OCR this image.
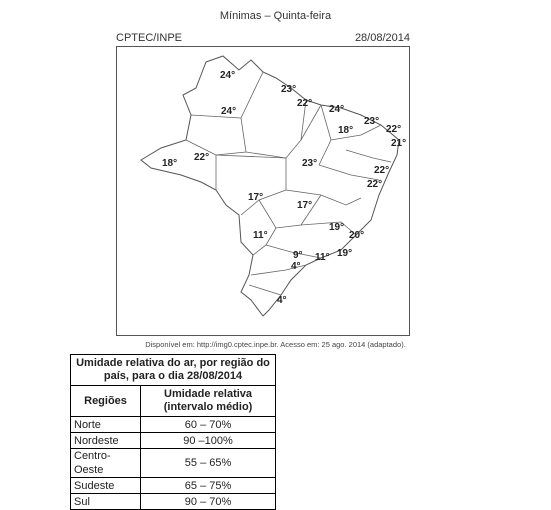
Mínimas – Quinta-feira
CPTEC/INPE	28/08/2014
24°
24°
23°
22°
24°
18°
23°
22°
21°
18°
22°
23°
22°
22°
17°
17°
11°
19°
20°
4°
11° 19°
9°
4°
Disponível em: http://img0.cptec.inpe.br. Acesso em: 25 ago. 2014 (adaptado).
Umidade relativa do ar, por região do país, para o dia 28/08/2014	
Regiões	Umidade relativa (intervalo médio)
Norte	60 – 70%
Nordeste	90 –100%
Centro-Oeste	55 – 65%
Sudeste	65 – 75%
Sul	90 – 70%
